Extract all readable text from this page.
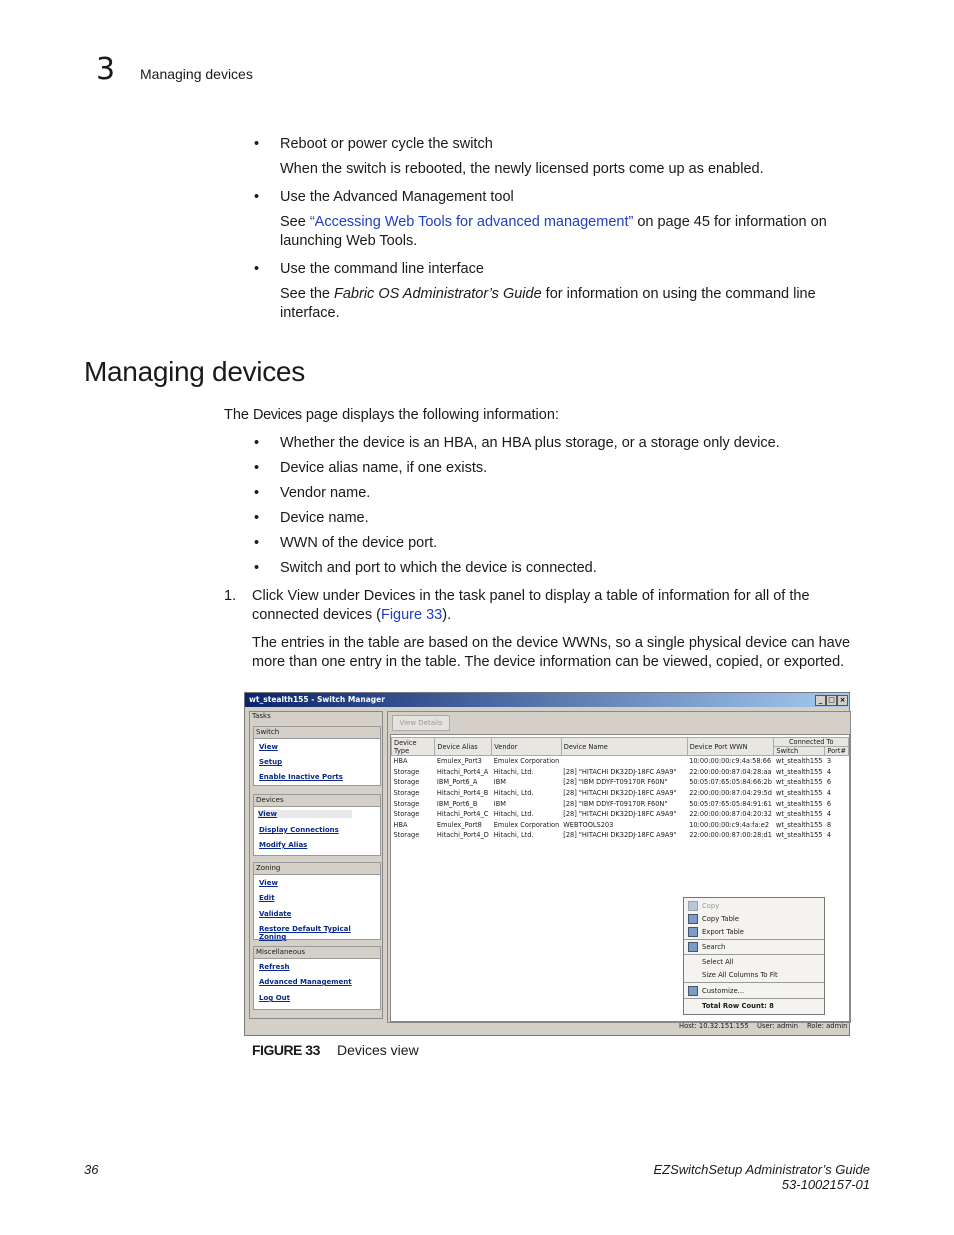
3 Managing devices
• Reboot or power cycle the switch
When the switch is rebooted, the newly licensed ports come up as enabled.
• Use the Advanced Management tool
See “Accessing Web Tools for advanced management” on page 45 for information on
launching Web Tools.
• Use the command line interface
See the Fabric OS Administrator’s Guide for information on using the command line
interface.
Managing devices
The Devices page displays the following information:
• Whether the device is an HBA, an HBA plus storage, or a storage only device.
• Device alias name, if one exists.
• Vendor name.
• Device name.
• WWN of the device port.
• Switch and port to which the device is connected.
1. Click View under Devices in the task panel to display a table of information for all of the
connected devices (Figure 33).
The entries in the table are based on the device WWNs, so a single physical device can have
more than one entry in the table. The device information can be viewed, copied, or exported.
wt_stealth155 - Switch Manager	_ □ ×
Tasks
Switch
View
Setup
Enable Inactive Ports
Devices
View
Display Connections
Modify Alias
Zoning
View
Edit
Validate
Restore Default Typical Zoning
Miscellaneous
Refresh
Advanced Management
Log Out
View Details
Device Type	Device Alias	Vendor	Device Name	Device Port WWN	Connected To	
					Switch	Port#
HBA	Emulex_Port3	Emulex Corporation		10:00:00:00:c9:4a:58:66	wt_stealth155	3
Storage	Hitachi_Port4_A	Hitachi, Ltd.	[28] "HITACHI DK32DJ-18FC A9A9"	22:00:00:00:87:04:28:aa	wt_stealth155	4
Storage	IBM_Port6_A	IBM	[28] "IBM DDYF-T09170R F60N"	50:05:07:65:05:84:66:2b	wt_stealth155	6
Storage	Hitachi_Port4_B	Hitachi, Ltd.	[28] "HITACHI DK32DJ-18FC A9A9"	22:00:00:00:87:04:29:5d	wt_stealth155	4
Storage	IBM_Port6_B	IBM	[28] "IBM DDYF-T09170R F60N"	50:05:07:65:05:84:91:61	wt_stealth155	6
Storage	Hitachi_Port4_C	Hitachi, Ltd.	[28] "HITACHI DK32DJ-18FC A9A9"	22:00:00:00:87:04:20:32	wt_stealth155	4
HBA	Emulex_Port8	Emulex Corporation	WEBTOOLS203	10:00:00:00:c9:4a:fa:e2	wt_stealth155	8
Storage	Hitachi_Port4_D	Hitachi, Ltd.	[28] "HITACHI DK32DJ-18FC A9A9"	22:00:00:00:87:00:28:d1	wt_stealth155	4
Copy
Copy Table
Export Table
Search
Select All
Size All Columns To Fit
Customize...
Total Row Count: 8
Host: 10.32.151.155 User: admin Role: admin
FIGURE 33 Devices view
36	EZSwitchSetup Administrator’s Guide
53-1002157-01
